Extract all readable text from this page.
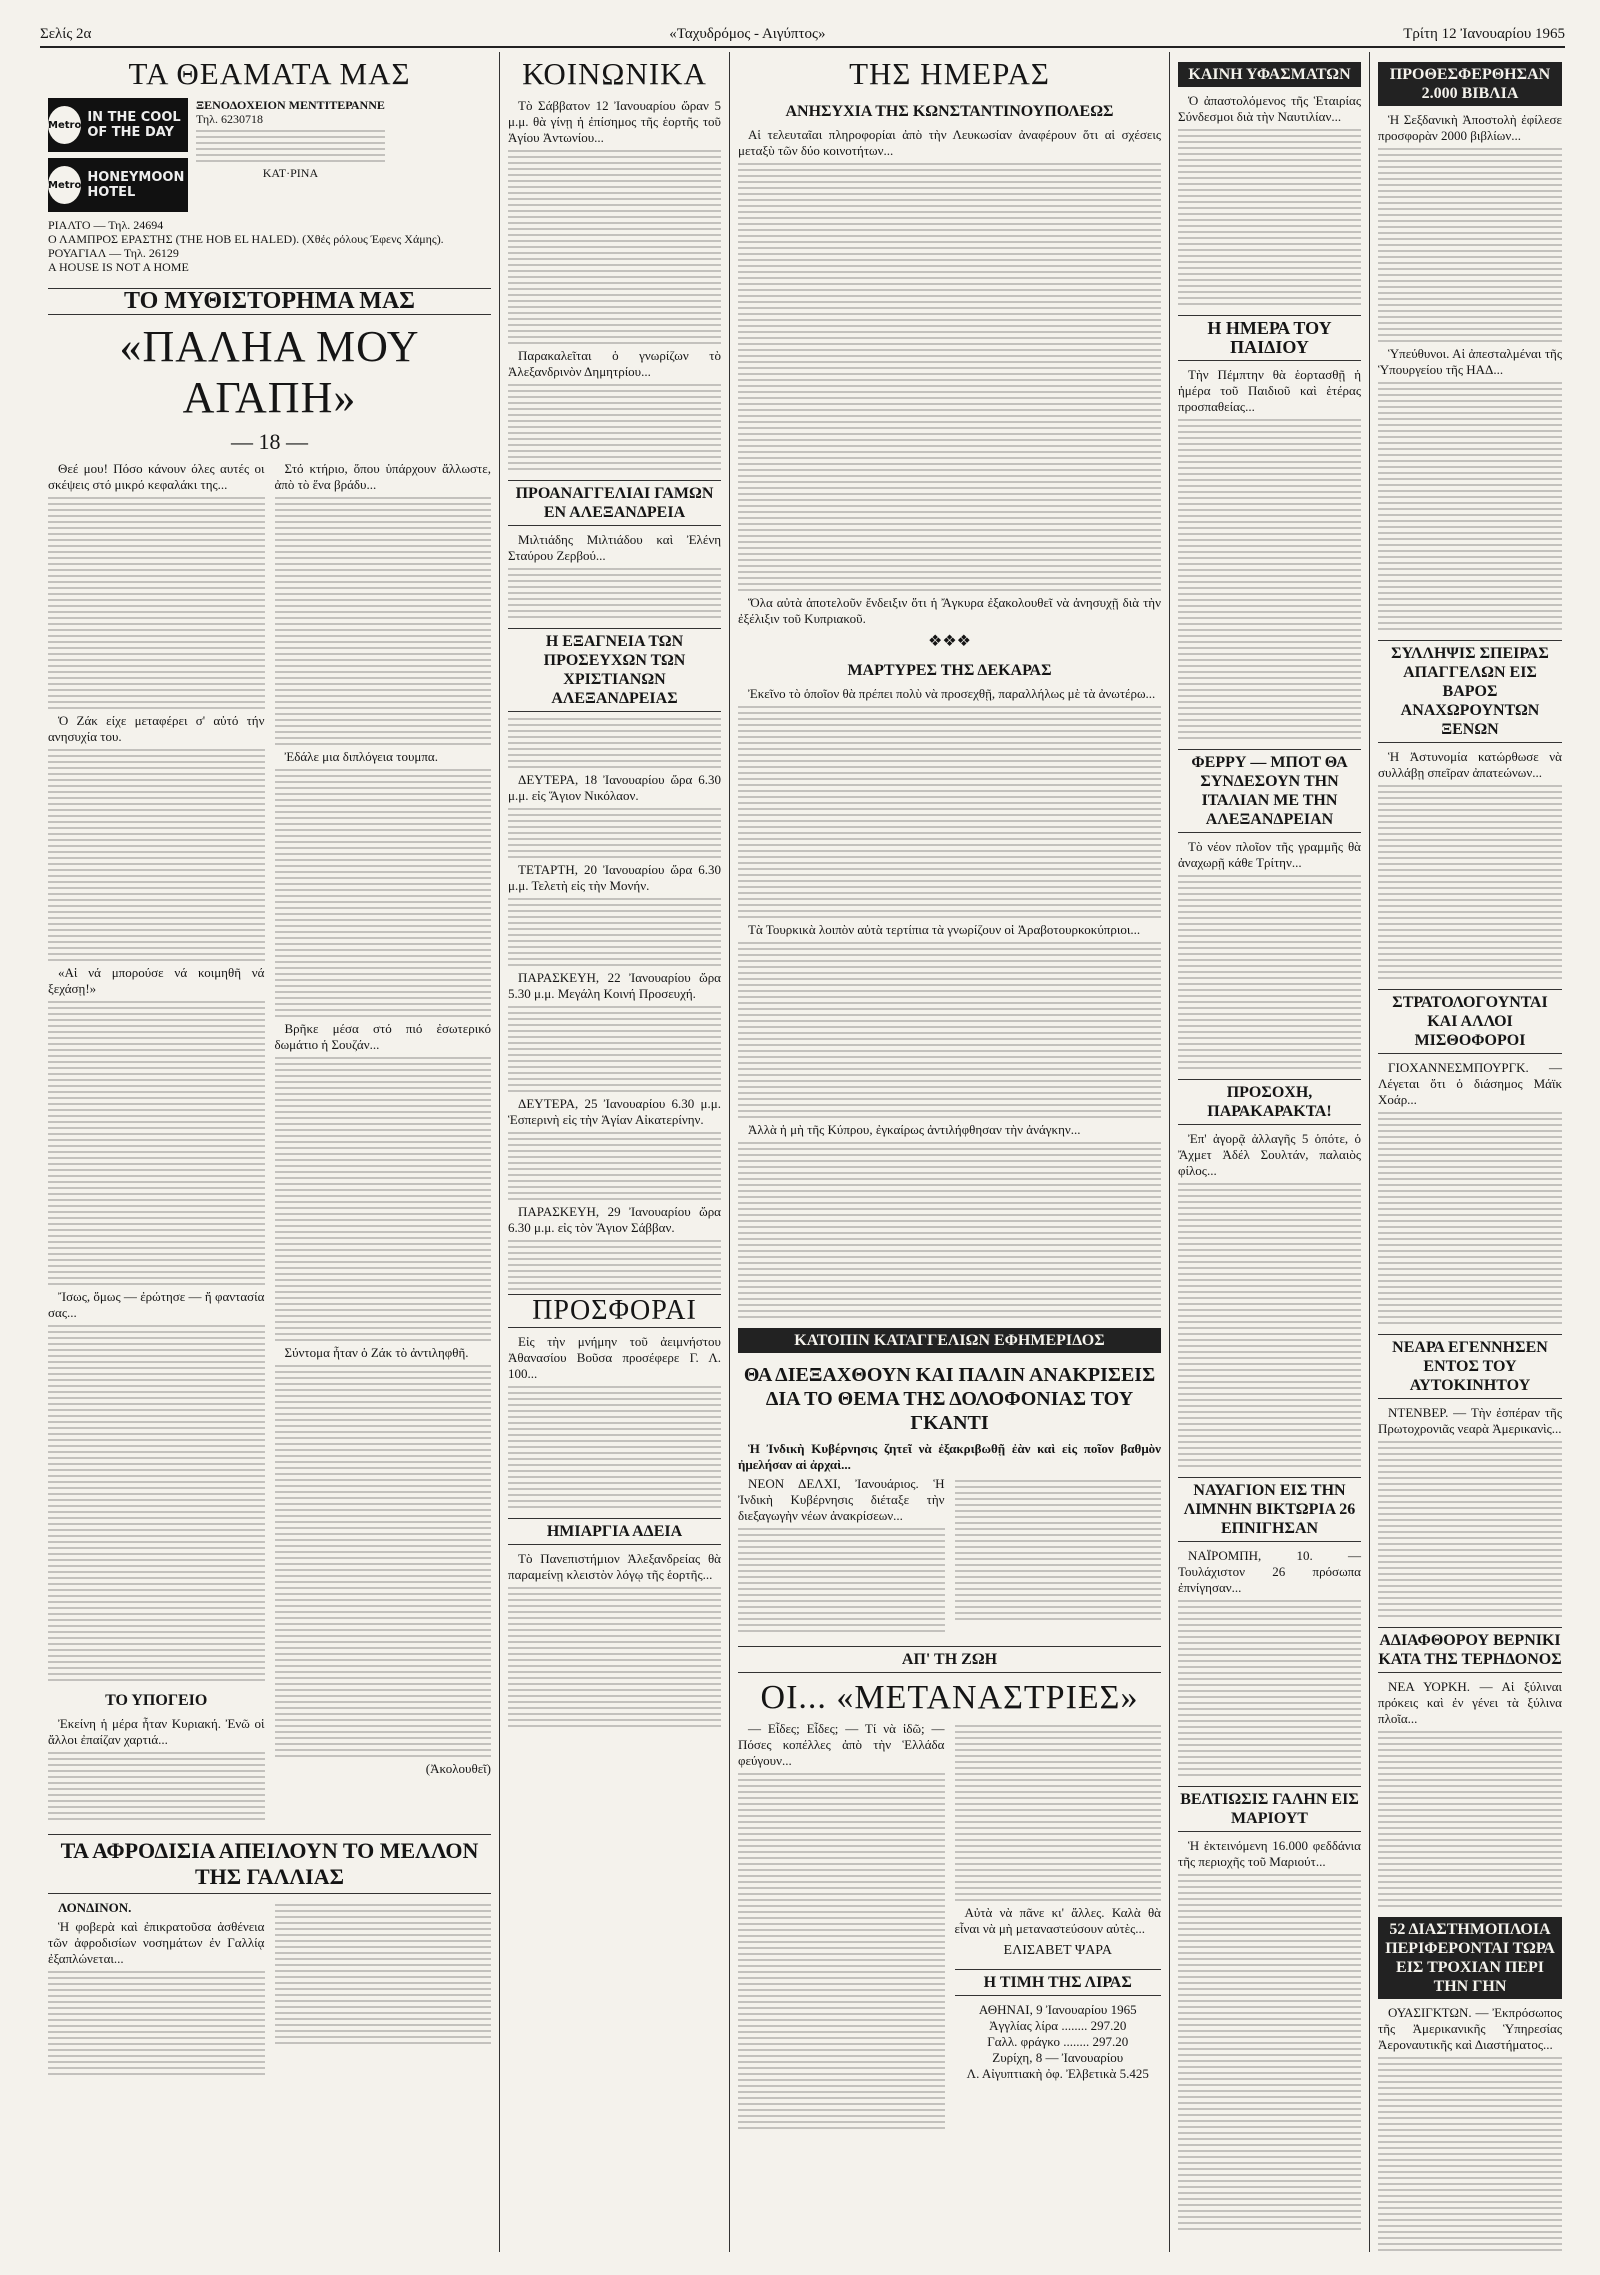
Σελίς 2α	«Ταχυδρόμος - Αιγύπτος»	Τρίτη 12 Ἰανουαρίου 1965
ΤΑ ΘΕΑΜΑΤΑ ΜΑΣ
Metro IN THE COOL OF THE DAY
Metro HONEYMOON HOTEL
ΞΕΝΟΔΟΧΕΙΟΝ ΜΕΝΤΙΤΕΡΑΝΝΕ
Τηλ. 6230718
ΚΑΤ·ΡΙΝΑ
ΡΙΑΛΤΟ — Τηλ. 24694
Ο ΛΑΜΠΡΟΣ ΕΡΑΣΤΗΣ (ΤΗΕ HOB EL HALED). (Χθές ρόλους Έφενς Χάμης).
ΡΟΥΑΓΙΑΛ — Τηλ. 26129
A HOUSE IS NOT A HOME
ΤΟ ΜΥΘΙΣΤΟΡΗΜΑ ΜΑΣ
«ΠΑΛΗΑ ΜΟΥ ΑΓΑΠΗ»
— 18 —

Θεέ μου! Πόσο κάνουν όλες αυτές οι σκέψεις στό μικρό κεφαλάκι της...

Ὁ Ζάκ είχε μεταφέρει σ' αὐτό τήν ανησυχία του.

«Αἱ νά μπορούσε νά κοιμηθῆ νά ξεχάσῃ!»

Ἴσως, ὅμως — ἐρώτησε — ἤ φαντασία σας...

ΤΟ ΥΠΟΓΕΙΟ

Ἐκείνη ἡ μέρα ἦταν Κυριακή. Ἐνῶ οἱ ἄλλοι ἐπαίζαν χαρτιά...

Στό κτήριο, ὅπου ὑπάρχουν ἄλλωστε, ἀπὸ τὸ ἕνα βράδυ...

Ἐδάλε μια διπλόγεια τουμπα.

Βρῆκε μέσα στό πιό ἐσωτερικό δωμάτιο ἡ Σουζάν...

Σύντομα ἦταν ὁ Ζάκ τὸ ἀντιληφθῆ.

(Ἀκολουθεῖ)

ΤΑ ΑΦΡΟΔΙΣΙΑ ΑΠΕΙΛΟΥΝ ΤΟ ΜΕΛΛΟΝ ΤΗΣ ΓΑΛΛΙΑΣ

ΛΟΝΔΙΝΟΝ.

Ἡ φοβερὰ καὶ ἐπικρατοῦσα ἀσθένεια τῶν ἀφροδισίων νοσημάτων ἐν Γαλλίᾳ ἐξαπλώνεται...

ΚΟΙΝΩΝΙΚΑ

Τὸ Σάββατον 12 Ἰανουαρίου ὥραν 5 μ.μ. θὰ γίνῃ ἡ ἐπίσημος τῆς ἑορτῆς τοῦ Ἁγίου Ἀντωνίου...

Παρακαλεῖται ὁ γνωρίζων τὸ Ἀλεξανδρινὸν Δημητρίου...

ΠΡΟΑΝΑΓΓΕΛΙΑΙ ΓΑΜΩΝ ΕΝ ΑΛΕΞΑΝΔΡΕΙΑ

Μιλτιάδης Μιλτιάδου καὶ Ἐλένη Σταύρου Ζερβού...

Η ΕΞΑΓΝΕΙΑ ΤΩΝ ΠΡΟΣΕΥΧΩΝ ΤΩΝ ΧΡΙΣΤΙΑΝΩΝ ΑΛΕΞΑΝΔΡΕΙΑΣ

ΔΕΥΤΕΡΑ, 18 Ἰανουαρίου ὥρα 6.30 μ.μ. εἰς Ἅγιον Νικόλαον.

ΤΕΤΑΡΤΗ, 20 Ἰανουαρίου ὥρα 6.30 μ.μ. Τελετὴ εἰς τὴν Μονήν.

ΠΑΡΑΣΚΕΥΗ, 22 Ἰανουαρίου ὥρα 5.30 μ.μ. Μεγάλη Κοινή Προσευχή.

ΔΕΥΤΕΡΑ, 25 Ἰανουαρίου 6.30 μ.μ. Ἑσπερινὴ εἰς τὴν Ἁγίαν Αἰκατερίνην.

ΠΑΡΑΣΚΕΥΗ, 29 Ἰανουαρίου ὥρα 6.30 μ.μ. εἰς τὸν Ἅγιον Σάββαν.

ΠΡΟΣΦΟΡΑΙ

Εἰς τὴν μνήμην τοῦ ἀειμνήστου Ἀθανασίου Βοῦσα προσέφερε Γ. Λ. 100...

ΗΜΙΑΡΓΙΑ ΑΔΕΙΑ

Τὸ Πανεπιστήμιον Ἀλεξανδρείας θὰ παραμείνῃ κλειστὸν λόγῳ τῆς ἑορτῆς...

ΤΗΣ ΗΜΕΡΑΣ
ΑΝΗΣΥΧΙΑ ΤΗΣ ΚΩΝΣΤΑΝΤΙΝΟΥΠΟΛΕΩΣ

Αἱ τελευταῖαι πληροφορίαι ἀπὸ τὴν Λευκωσίαν ἀναφέρουν ὅτι αἱ σχέσεις μεταξὺ τῶν δύο κοινοτήτων...

Ὅλα αὐτὰ ἀποτελοῦν ἔνδειξιν ὅτι ἡ Ἄγκυρα ἐξακολουθεῖ νὰ ἀνησυχῇ διὰ τὴν ἐξέλιξιν τοῦ Κυπριακοῦ.

❖❖❖
ΜΑΡΤΥΡΕΣ ΤΗΣ ΔΕΚΑΡΑΣ

Ἐκεῖνο τὸ ὁποῖον θὰ πρέπει πολὺ νὰ προσεχθῇ, παραλλήλως μὲ τὰ ἀνωτέρω...

Τὰ Τουρκικὰ λοιπὸν αὐτὰ τερτίπια τὰ γνωρίζουν οἱ Ἀραβοτουρκοκύπριοι...

Ἀλλὰ ἡ μὴ τῆς Κύπρου, ἐγκαίρως ἀντιλήφθησαν τὴν ἀνάγκην...

ΚΑΤΟΠΙΝ ΚΑΤΑΓΓΕΛΙΩΝ ΕΦΗΜΕΡΙΔΟΣ
ΘΑ ΔΙΕΞΑΧΘΟΥΝ ΚΑΙ ΠΑΛΙΝ ΑΝΑΚΡΙΣΕΙΣ ΔΙΑ ΤΟ ΘΕΜΑ ΤΗΣ ΔΟΛΟΦΟΝΙΑΣ ΤΟΥ ΓΚΑΝΤΙ

Ἡ Ἰνδικὴ Κυβέρνησις ζητεῖ νὰ ἐξακριβωθῇ ἐὰν καὶ εἰς ποῖον βαθμὸν ἠμελήσαν αἱ ἀρχαὶ...

ΝΕΟΝ ΔΕΛΧΙ, Ἰανουάριος. Ἡ Ἰνδικὴ Κυβέρνησις διέταξε τὴν διεξαγωγὴν νέων ἀνακρίσεων...

ΑΠ' ΤΗ ΖΩΗ
ΟΙ... «ΜΕΤΑΝΑΣΤΡΙΕΣ»

— Εἶδες; Εἶδες; — Τί νὰ ἰδῶ; — Πόσες κοπέλλες ἀπὸ τὴν Ἑλλάδα φεύγουν...

Αὐτὰ νὰ πᾶνε κι' ἄλλες. Καλὰ θὰ εἶναι νὰ μὴ μεταναστεύσουν αὐτὲς...

ΕΛΙΣΑΒΕΤ ΨΑΡΑ
Η ΤΙΜΗ ΤΗΣ ΛΙΡΑΣ
ΑΘΗΝΑΙ, 9 Ἰανουαρίου 1965
Ἀγγλίας λίρα ........ 297.20
Γαλλ. φράγκο ........ 297.20
Ζυρίχη, 8 — Ἰανουαρίου
Λ. Αἰγυπτιακὴ ὀφ. Ἐλβετικὰ 5.425
ΚΑΙΝΗ ΥΦΑΣΜΑΤΩΝ

Ὁ ἀπαστολόμενος τῆς Ἑταιρίας Σύνδεσμοι διὰ τὴν Ναυτιλίαν...

Η ΗΜΕΡΑ ΤΟΥ ΠΑΙΔΙΟΥ

Τὴν Πέμπτην θὰ ἑορτασθῇ ἡ ἡμέρα τοῦ Παιδιοῦ καὶ ἑτέρας προσπαθείας...

ΦΕΡΡΥ — ΜΠΟΤ ΘΑ ΣΥΝΔΕΣΟΥΝ ΤΗΝ ΙΤΑΛΙΑΝ ΜΕ ΤΗΝ ΑΛΕΞΑΝΔΡΕΙΑΝ

Τὸ νέον πλοῖον τῆς γραμμῆς θὰ ἀναχωρῇ κάθε Τρίτην...

ΠΡΟΣΟΧΗ, ΠΑΡΑΚΑΡΑΚΤΑ!

Ἐπ' ἀγορᾷ ἀλλαγῆς 5 ὁπότε, ὁ Ἄχμετ Ἀδέλ Σουλτάν, παλαιὸς φίλος...

ΝΑΥΑΓΙΟΝ ΕΙΣ ΤΗΝ ΛΙΜΝΗΝ ΒΙΚΤΩΡΙΑ 26 ΕΠΝΙΓΗΣΑΝ

ΝΑΪΡΟΜΠΗ, 10. — Τουλάχιστον 26 πρόσωπα ἐπνίγησαν...

ΒΕΛΤΙΩΣΙΣ ΓΑΛΗΝ ΕΙΣ ΜΑΡΙΟΥΤ

Ἡ ἐκτεινόμενη 16.000 φεδδάνια τῆς περιοχῆς τοῦ Μαριούτ...

ΠΡΟΘΕΣΦΕΡΘΗΣΑΝ 2.000 ΒΙΒΛΙΑ

Ἡ Σεξδανικὴ Ἀποστολὴ ἐφίλεσε προσφορὰν 2000 βιβλίων...

Ὑπεύθυνοι. Αἱ ἀπεσταλμέναι τῆς Ὑπουργείου τῆς ΗΑΔ...

ΣΥΛΛΗΨΙΣ ΣΠΕΙΡΑΣ ΑΠΑΓΓΕΛΩΝ ΕΙΣ ΒΑΡΟΣ ΑΝΑΧΩΡΟΥΝΤΩΝ ΞΕΝΩΝ

Ἡ Ἀστυνομία κατώρθωσε νὰ συλλάβῃ σπεῖραν ἀπατεώνων...

ΣΤΡΑΤΟΛΟΓΟΥΝΤΑΙ ΚΑΙ ΑΛΛΟΙ ΜΙΣΘΟΦΟΡΟΙ

ΓΙΟΧΑΝΝΕΣΜΠΟΥΡΓΚ. — Λέγεται ὅτι ὁ διάσημος Μάϊκ Χοάρ...

ΝΕΑΡΑ ΕΓΕΝΝΗΣΕΝ ΕΝΤΟΣ ΤΟΥ ΑΥΤΟΚΙΝΗΤΟΥ

ΝΤΕΝΒΕΡ. — Τὴν ἐσπέραν τῆς Πρωτοχρονιᾶς νεαρὰ Ἀμερικανὶς...

ΑΔΙΑΦΘΟΡΟΥ ΒΕΡΝΙΚΙ ΚΑΤΑ ΤΗΣ ΤΕΡΗΔΟΝΟΣ

ΝΕΑ ΥΟΡΚΗ. — Αἱ ξύλιναι πρόκεις καὶ ἐν γένει τὰ ξύλινα πλοῖα...

52 ΔΙΑΣΤΗΜΟΠΛΟΙΑ ΠΕΡΙΦΕΡΟΝΤΑΙ ΤΩΡΑ ΕΙΣ ΤΡΟΧΙΑΝ ΠΕΡΙ ΤΗΝ ΓΗΝ

ΟΥΑΣΙΓΚΤΩΝ. — Ἐκπρόσωπος τῆς Ἀμερικανικῆς Ὑπηρεσίας Ἀεροναυτικῆς καὶ Διαστήματος...
